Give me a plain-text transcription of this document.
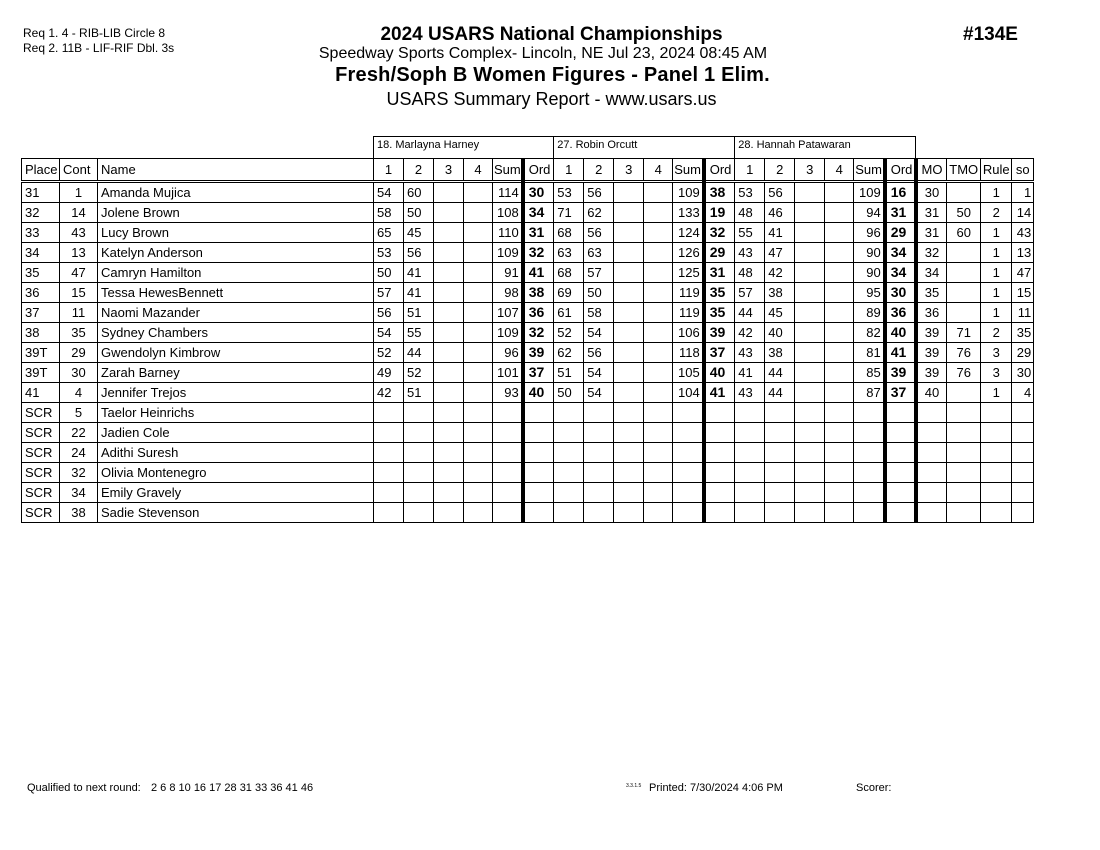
Req 1. 4 - RIB-LIB Circle 8
Req 2. 11B - LIF-RIF Dbl. 3s
2024 USARS National Championships
Speedway Sports Complex- Lincoln, NE Jul 23, 2024 08:45 AM
Fresh/Soph B Women Figures - Panel 1 Elim.
USARS Summary Report - www.usars.us
#134E
			18. Marlayna Harney						27. Robin Orcutt						28. Hannah Patawaran									
Place	Cont	Name	1	2	3	4	Sum	Ord	1	2	3	4	Sum	Ord	1	2	3	4	Sum	Ord	MO	TMO	Rule	so
31	1	Amanda Mujica	54	60			114	30	53	56			109	38	53	56			109	16	30		1	1
32	14	Jolene Brown	58	50			108	34	71	62			133	19	48	46			94	31	31	50	2	14
33	43	Lucy Brown	65	45			110	31	68	56			124	32	55	41			96	29	31	60	1	43
34	13	Katelyn Anderson	53	56			109	32	63	63			126	29	43	47			90	34	32		1	13
35	47	Camryn Hamilton	50	41			91	41	68	57			125	31	48	42			90	34	34		1	47
36	15	Tessa HewesBennett	57	41			98	38	69	50			119	35	57	38			95	30	35		1	15
37	11	Naomi Mazander	56	51			107	36	61	58			119	35	44	45			89	36	36		1	11
38	35	Sydney Chambers	54	55			109	32	52	54			106	39	42	40			82	40	39	71	2	35
39T	29	Gwendolyn Kimbrow	52	44			96	39	62	56			118	37	43	38			81	41	39	76	3	29
39T	30	Zarah Barney	49	52			101	37	51	54			105	40	41	44			85	39	39	76	3	30
41	4	Jennifer Trejos	42	51			93	40	50	54			104	41	43	44			87	37	40		1	4
SCR	5	Taelor Heinrichs																						
SCR	22	Jadien Cole																						
SCR	24	Adithi Suresh																						
SCR	32	Olivia Montenegro																						
SCR	34	Emily Gravely																						
SCR	38	Sadie Stevenson																						
Qualified to next round: 2 6 8 10 16 17 28 31 33 36 41 46	3.3.1.5 Printed: 7/30/2024 4:06 PM	Scorer:
